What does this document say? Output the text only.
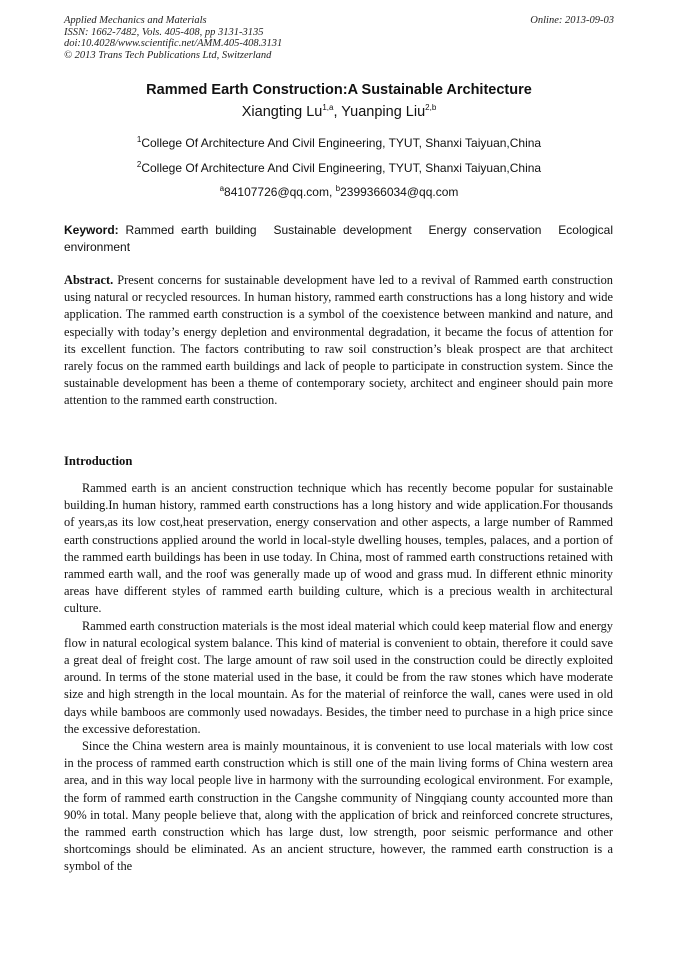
Applied Mechanics and Materials
ISSN: 1662-7482, Vols. 405-408, pp 3131-3135
doi:10.4028/www.scientific.net/AMM.405-408.3131
© 2013 Trans Tech Publications Ltd, Switzerland
Online: 2013-09-03
Rammed Earth Construction:A Sustainable Architecture
Xiangting Lu$^{1,a}$, Yuanping Liu$^{2,b}$
$^1$College Of Architecture And Civil Engineering, TYUT, Shanxi Taiyuan,China
$^2$College Of Architecture And Civil Engineering, TYUT, Shanxi Taiyuan,China
$^a$84107726@qq.com, $^b$2399366034@qq.com
Keyword: Rammed earth building Sustainable development Energy conservation Ecological environment
Abstract. Present concerns for sustainable development have led to a revival of Rammed earth construction using natural or recycled resources. In human history, rammed earth constructions has a long history and wide application. The rammed earth construction is a symbol of the coexistence between mankind and nature, and especially with today’s energy depletion and environmental degradation, it became the focus of attention for its excellent function. The factors contributing to raw soil construction’s bleak prospect are that architect rarely focus on the rammed earth buildings and lack of people to participate in construction system. Since the sustainable development has been a theme of contemporary society, architect and engineer should pain more attention to the rammed earth construction.
Introduction

Rammed earth is an ancient construction technique which has recently become popular for sustainable building.In human history, rammed earth constructions has a long history and wide application.For thousands of years,as its low cost,heat preservation, energy conservation and other aspects, a large number of Rammed earth constructions applied around the world in local-style dwelling houses, temples, palaces, and a portion of the rammed earth buildings has been in use today. In China, most of rammed earth constructions retained with rammed earth wall, and the roof was generally made up of wood and grass mud. In different ethnic minority areas have different styles of rammed earth building culture, which is a precious wealth in architectural culture.

Rammed earth construction materials is the most ideal material which could keep material flow and energy flow in natural ecological system balance. This kind of material is convenient to obtain, therefore it could save a great deal of freight cost. The large amount of raw soil used in the construction could be directly exploited around. In terms of the stone material used in the base, it could be from the raw stones which have moderate size and high strength in the local mountain. As for the material of reinforce the wall, canes were used in old days while bamboos are commonly used nowadays. Besides, the timber need to purchase in a high price since the excessive deforestation.

Since the China western area is mainly mountainous, it is convenient to use local materials with low cost in the process of rammed earth construction which is still one of the main living forms of China western area area, and in this way local people live in harmony with the surrounding ecological environment. For example, the form of rammed earth construction in the Cangshe community of Ningqiang county accounted more than 90% in total. Many people believe that, along with the application of brick and reinforced concrete structures, the rammed earth construction which has large dust, low strength, poor seismic performance and other shortcomings should be eliminated. As an ancient structure, however, the rammed earth construction is a symbol of the
